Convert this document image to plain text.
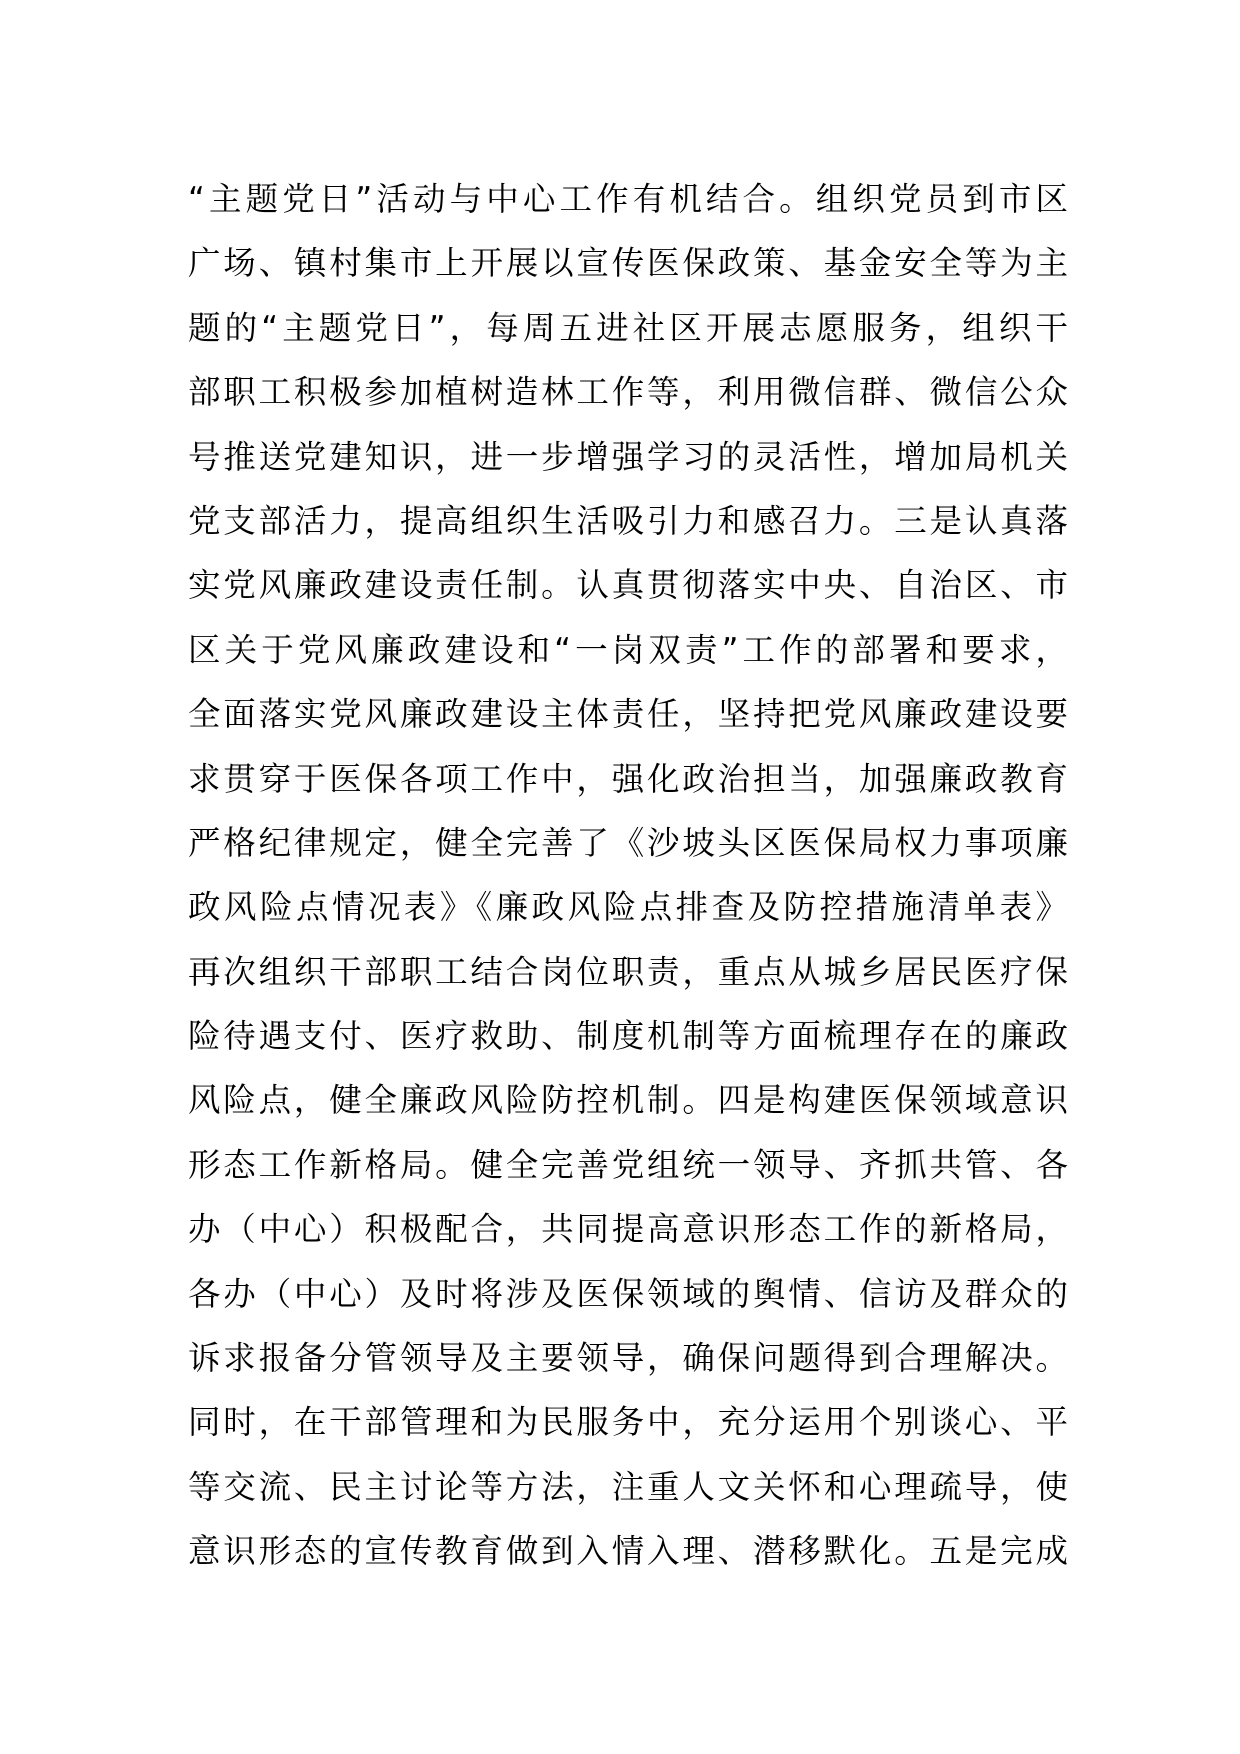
“主题党日”活动与中心工作有机结合。组织党员到市区
广场、镇村集市上开展以宣传医保政策、基金安全等为主
题的“主题党日”，每周五进社区开展志愿服务，组织干
部职工积极参加植树造林工作等，利用微信群、微信公众
号推送党建知识，进一步增强学习的灵活性，增加局机关
党支部活力，提高组织生活吸引力和感召力。三是认真落
实党风廉政建设责任制。认真贯彻落实中央、自治区、市
区关于党风廉政建设和“一岗双责”工作的部署和要求，
全面落实党风廉政建设主体责任，坚持把党风廉政建设要
求贯穿于医保各项工作中，强化政治担当，加强廉政教育
严格纪律规定，健全完善了《沙坡头区医保局权力事项廉
政风险点情况表》《廉政风险点排查及防控措施清单表》
再次组织干部职工结合岗位职责，重点从城乡居民医疗保
险待遇支付、医疗救助、制度机制等方面梳理存在的廉政
风险点，健全廉政风险防控机制。四是构建医保领域意识
形态工作新格局。健全完善党组统一领导、齐抓共管、各
办（中心）积极配合，共同提高意识形态工作的新格局，
各办（中心）及时将涉及医保领域的舆情、信访及群众的
诉求报备分管领导及主要领导，确保问题得到合理解决。
同时，在干部管理和为民服务中，充分运用个别谈心、平
等交流、民主讨论等方法，注重人文关怀和心理疏导，使
意识形态的宣传教育做到入情入理、潜移默化。五是完成
